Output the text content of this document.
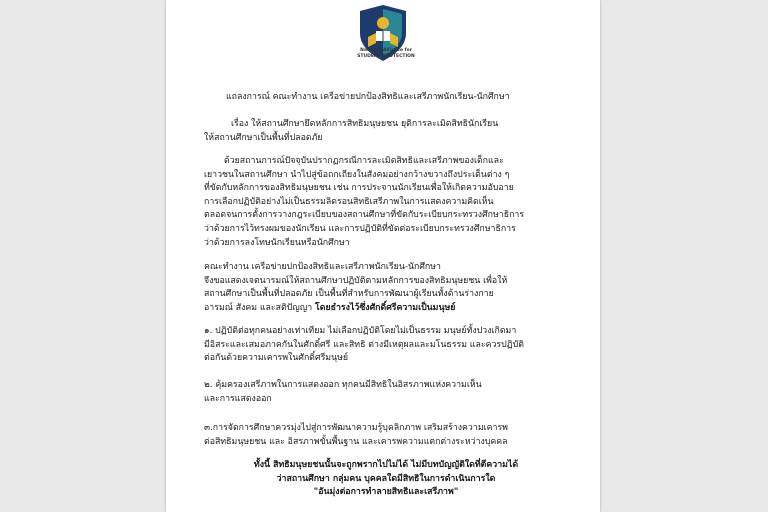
National Alliance for
STUDENT PROTECTION
แถลงการณ์ คณะทำงาน เครือข่ายปกป้องสิทธิและเสรีภาพนักเรียน-นักศึกษา
เรื่อง ให้สถานศึกษายึดหลักการสิทธิมนุษยชน ยุติการละเมิดสิทธินักเรียน
ให้สถานศึกษาเป็นพื้นที่ปลอดภัย
ด้วยสถานการณ์ปัจจุบันปรากฏกรณีการละเมิดสิทธิและเสรีภาพของเด็กและ
เยาวชนในสถานศึกษา นำไปสู่ข้อถกเถียงในสังคมอย่างกว้างขวางถึงประเด็นต่าง ๆ
ที่ขัดกับหลักการของสิทธิมนุษยชน เช่น การประจานนักเรียนเพื่อให้เกิดความอับอาย
การเลือกปฏิบัติอย่างไม่เป็นธรรมลิดรอนสิทธิเสรีภาพในการแสดงความคิดเห็น
ตลอดจนการตั้งการวางกฎระเบียบของสถานศึกษาที่ขัดกับระเบียบกระทรวงศึกษาธิการ
ว่าด้วยการไว้ทรงผมของนักเรียน และการปฏิบัติที่ขัดต่อระเบียบกระทรวงศึกษาธิการ
ว่าด้วยการลงโทษนักเรียนหรือนักศึกษา
คณะทำงาน เครือข่ายปกป้องสิทธิและเสรีภาพนักเรียน-นักศึกษา
จึงขอแสดงเจตนารมณ์ให้สถานศึกษาปฏิบัติตามหลักการของสิทธิมนุษยชน เพื่อให้
สถานศึกษาเป็นพื้นที่ปลอดภัย เป็นพื้นที่สำหรับการพัฒนาผู้เรียนทั้งด้านร่างกาย
อารมณ์ สังคม และสติปัญญา โดยธำรงไว้ซึ่งศักดิ์ศรีความเป็นมนุษย์
๑. ปฏิบัติต่อทุกคนอย่างเท่าเทียม ไม่เลือกปฏิบัติโดยไม่เป็นธรรม มนุษย์ทั้งปวงเกิดมา
มีอิสระและเสมอภาคกันในศักดิ์ศรี และสิทธิ ต่างมีเหตุผลและมโนธรรม และควรปฏิบัติ
ต่อกันด้วยความเคารพในศักดิ์ศรีมนุษย์
๒. คุ้มครองเสรีภาพในการแสดงออก ทุกคนมีสิทธิในอิสรภาพแห่งความเห็น
และการแสดงออก
๓.การจัดการศึกษาควรมุ่งไปสู่การพัฒนาความรู้บุคลิกภาพ เสริมสร้างความเคารพ
ต่อสิทธิมนุษยชน และ อิสรภาพขั้นพื้นฐาน และเคารพความแตกต่างระหว่างบุคคล
ทั้งนี้ สิทธิมนุษยชนนั้นจะถูกพรากไปไม่ได้ ไม่มีบทบัญญัติใดที่ตีความได้
ว่าสถานศึกษา กลุ่มคน บุคคลใดมีสิทธิในการดำเนินการใด
"อันมุ่งต่อการทำลายสิทธิและเสรีภาพ"
